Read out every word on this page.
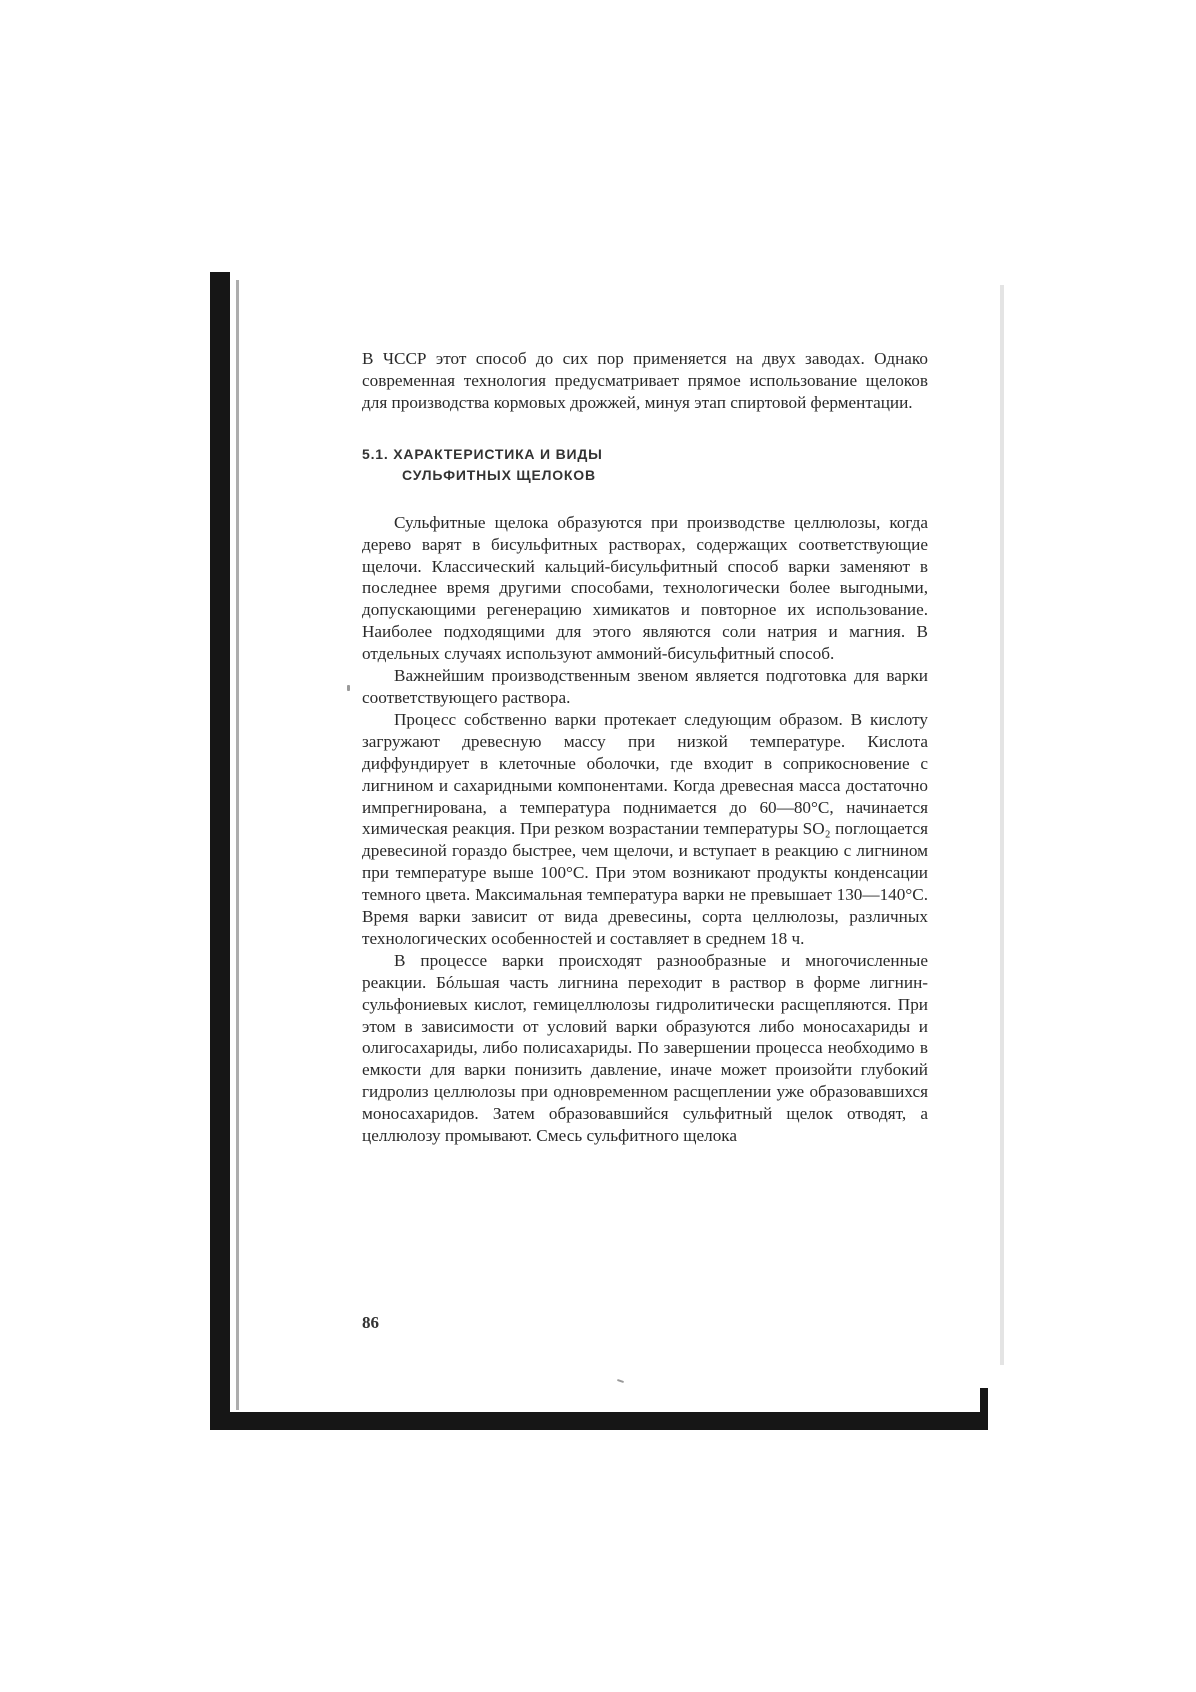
В ЧССР этот способ до сих пор применяется на двух заводах. Однако современная технология предусматривает прямое использование щелоков для производства кормовых дрожжей, минуя этап спиртовой ферментации.

5.1. ХАРАКТЕРИСТИКА И ВИДЫ
СУЛЬФИТНЫХ ЩЕЛОКОВ

Сульфитные щелока образуются при производстве целлюлозы, когда дерево варят в бисульфитных растворах, содержащих соответствующие щелочи. Классический кальций-бисульфитный способ варки заменяют в последнее время другими способами, технологически более выгодными, допускающими регенерацию химикатов и повторное их использование. Наиболее подходящими для этого являются соли натрия и магния. В отдельных случаях используют аммоний-бисульфитный способ.

Важнейшим производственным звеном является подготовка для варки соответствующего раствора.

Процесс собственно варки протекает следующим образом. В кислоту загружают древесную массу при низкой температуре. Кислота диффундирует в клеточные оболочки, где входит в соприкосновение с лигнином и сахаридными компонентами. Когда древесная масса достаточно импрегнирована, а температура поднимается до 60—80°С, начинается химическая реакция. При резком возрастании температуры SO₂ поглощается древесиной гораздо быстрее, чем щелочи, и вступает в реакцию с лигнином при температуре выше 100°С. При этом возникают продукты конденсации темного цвета. Максимальная температура варки не превышает 130—140°С. Время варки зависит от вида древесины, сорта целлюлозы, различных технологических особенностей и составляет в среднем 18 ч.

В процессе варки происходят разнообразные и многочисленные реакции. Бóльшая часть лигнина переходит в раствор в форме лигнин-сульфониевых кислот, гемицеллюлозы гидролитически расщепляются. При этом в зависимости от условий варки образуются либо моносахариды и олигосахариды, либо полисахариды. По завершении процесса необходимо в емкости для варки понизить давление, иначе может произойти глубокий гидролиз целлюлозы при одновременном расщеплении уже образовавшихся моносахаридов. Затем образовавшийся сульфитный щелок отводят, а целлюлозу промывают. Смесь сульфитного щелока

86
